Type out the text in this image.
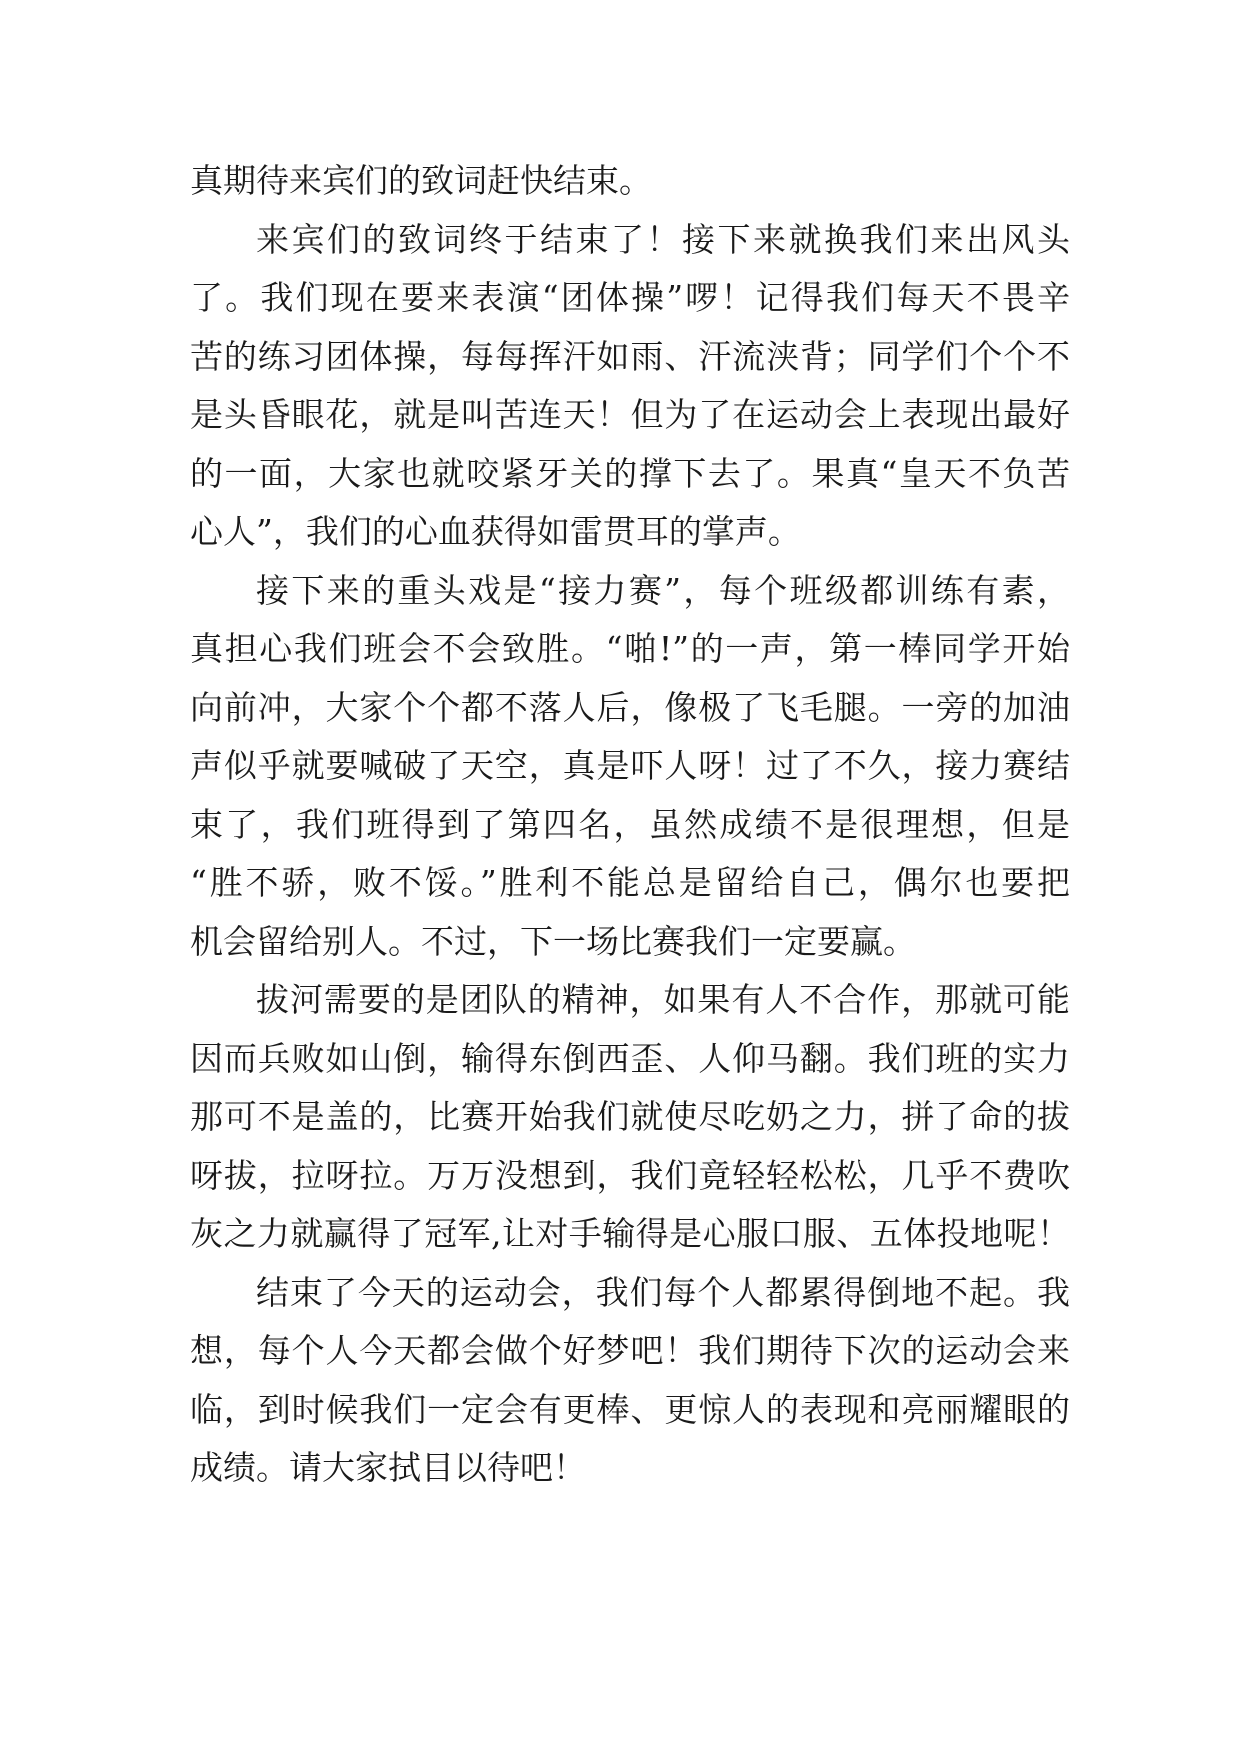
真期待来宾们的致词赶快结束。
来宾们的致词终于结束了！接下来就换我们来出风头
了。我们现在要来表演“团体操”啰！记得我们每天不畏辛
苦的练习团体操，每每挥汗如雨、汗流浃背；同学们个个不
是头昏眼花，就是叫苦连天！但为了在运动会上表现出最好
的一面，大家也就咬紧牙关的撑下去了。果真“皇天不负苦
心人”，我们的心血获得如雷贯耳的掌声。
接下来的重头戏是“接力赛”，每个班级都训练有素，
真担心我们班会不会致胜。“啪!”的一声，第一棒同学开始
向前冲，大家个个都不落人后，像极了飞毛腿。一旁的加油
声似乎就要喊破了天空，真是吓人呀！过了不久，接力赛结
束了，我们班得到了第四名，虽然成绩不是很理想，但是
“胜不骄，败不馁。”胜利不能总是留给自己，偶尔也要把
机会留给别人。不过，下一场比赛我们一定要赢。
拔河需要的是团队的精神，如果有人不合作，那就可能
因而兵败如山倒，输得东倒西歪、人仰马翻。我们班的实力
那可不是盖的，比赛开始我们就使尽吃奶之力，拼了命的拔
呀拔，拉呀拉。万万没想到，我们竟轻轻松松，几乎不费吹
灰之力就赢得了冠军,让对手输得是心服口服、五体投地呢！
结束了今天的运动会，我们每个人都累得倒地不起。我
想，每个人今天都会做个好梦吧！我们期待下次的运动会来
临，到时候我们一定会有更棒、更惊人的表现和亮丽耀眼的
成绩。请大家拭目以待吧！
